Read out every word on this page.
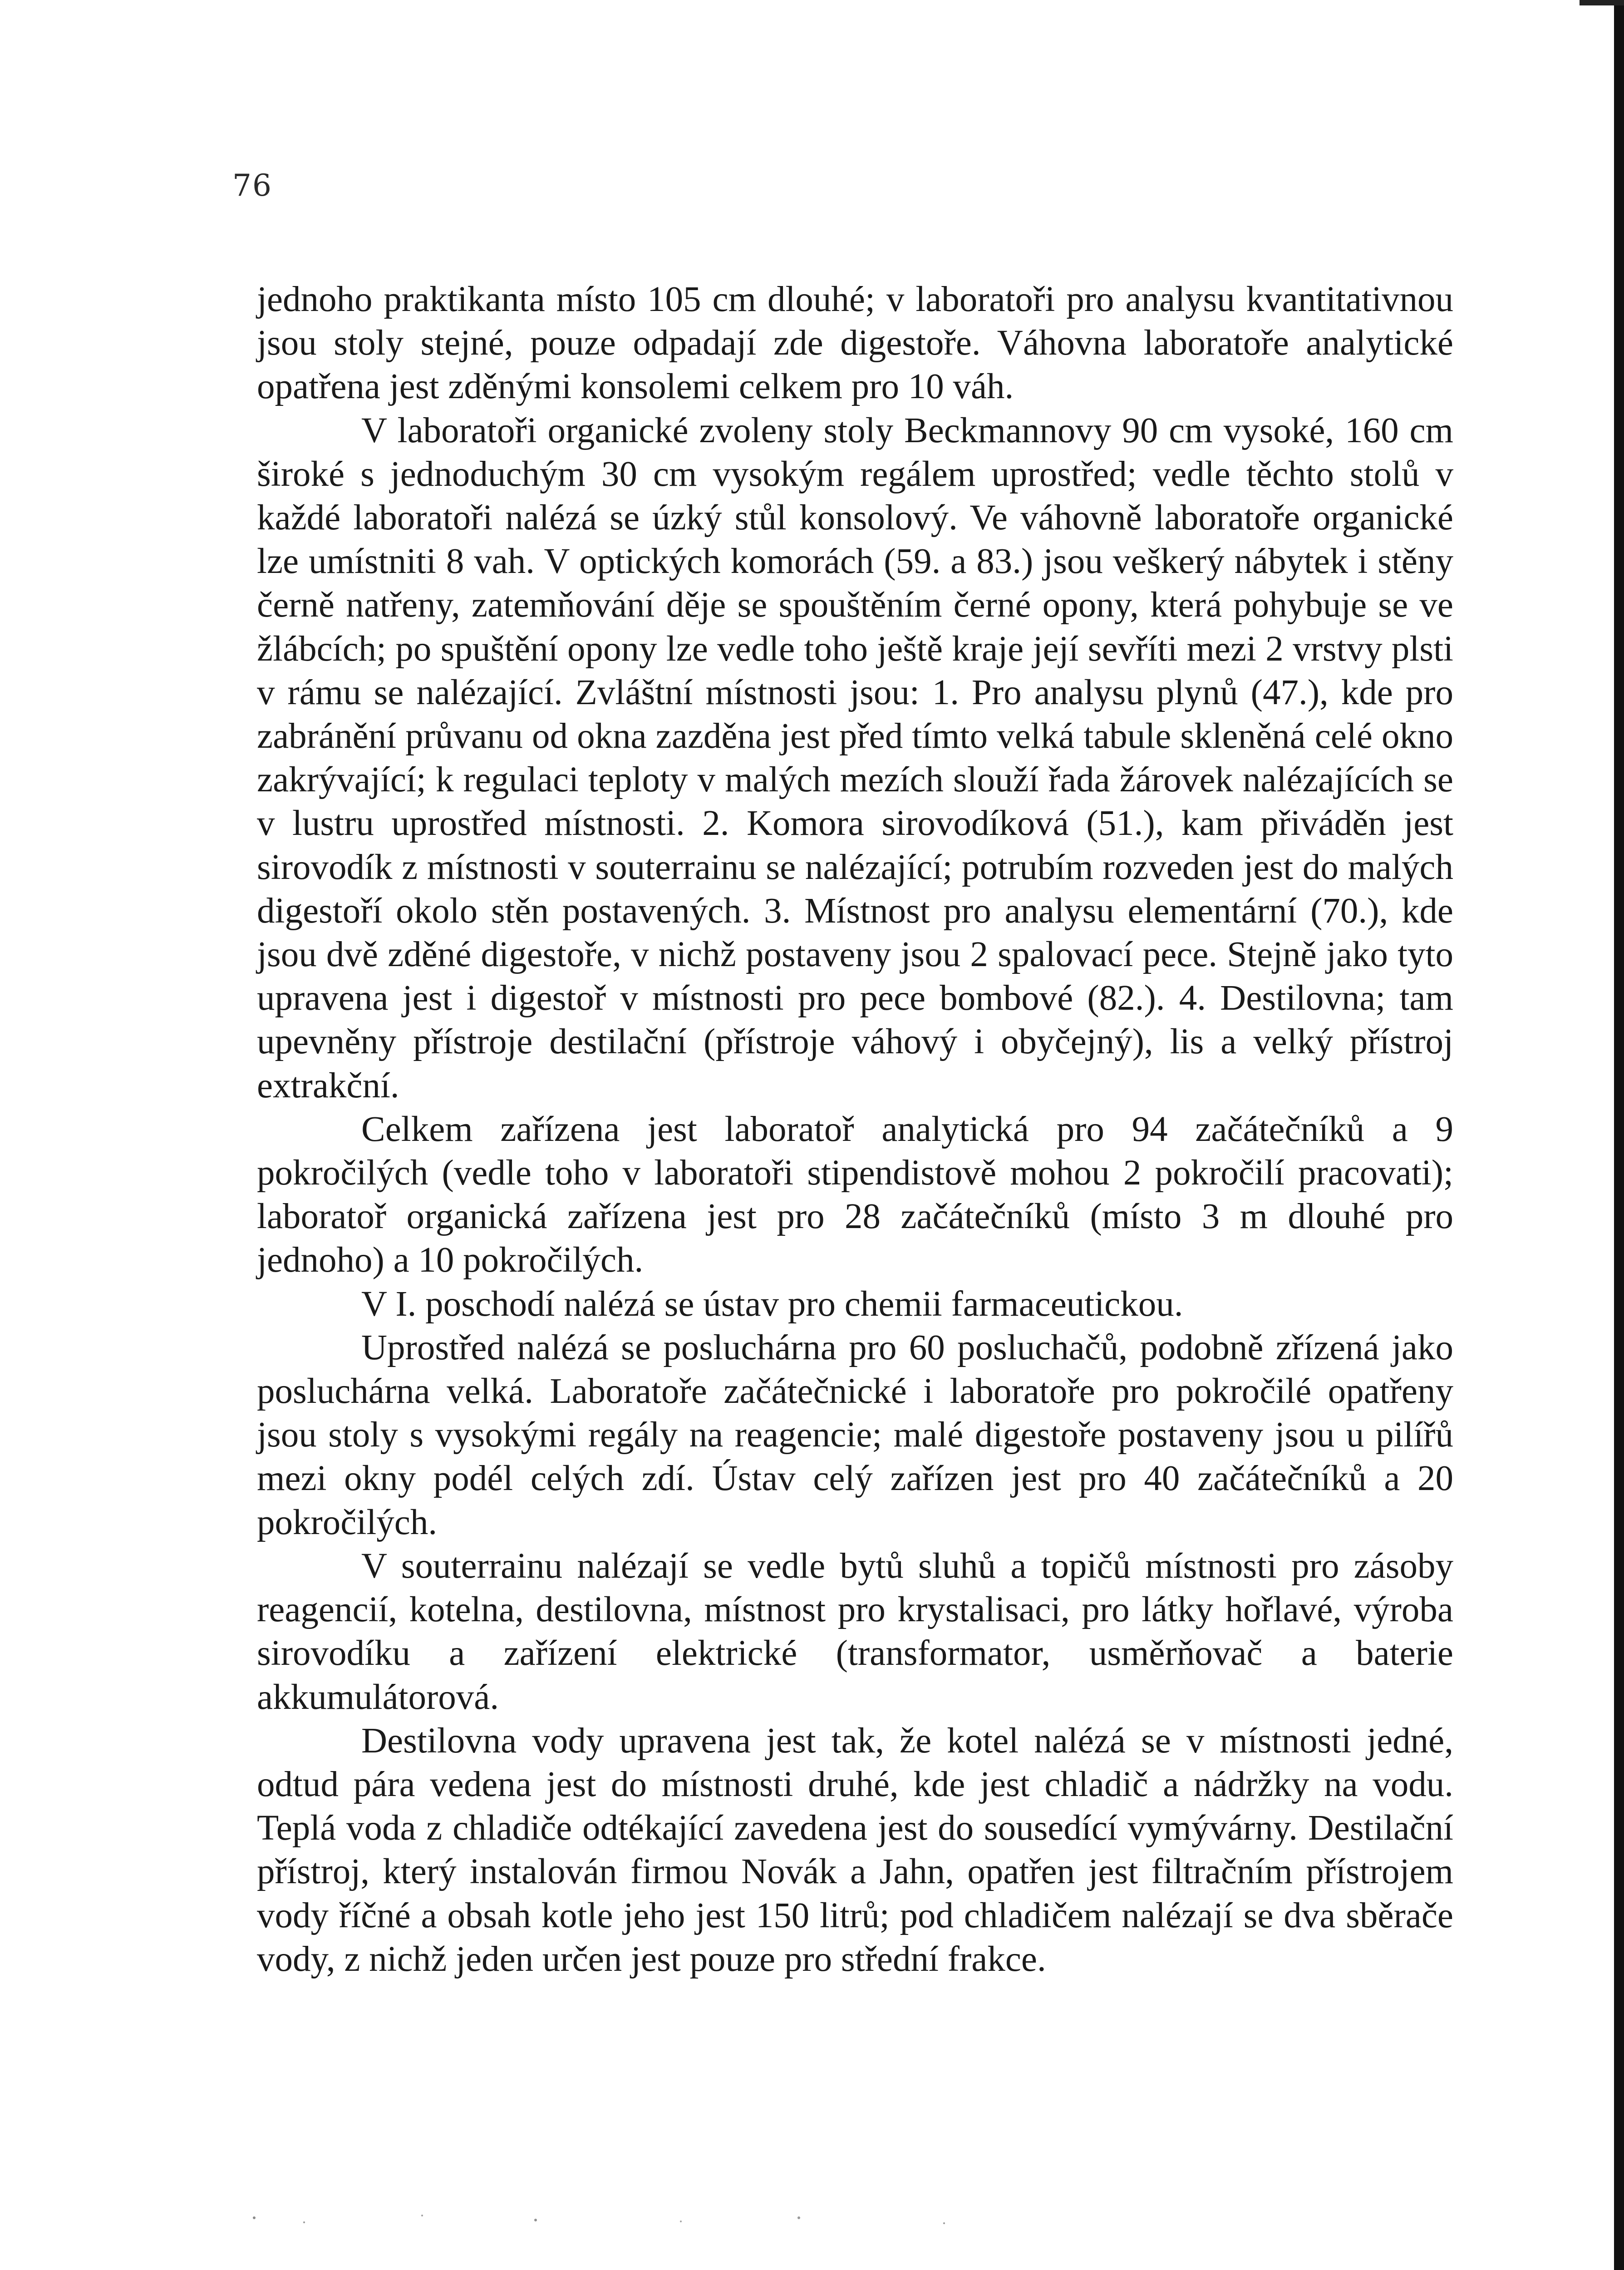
76

jednoho praktikanta místo 105 cm dlouhé; v laboratoři pro analysu kvantitativnou jsou stoly stejné, pouze odpadají zde digestoře. Váhovna laboratoře analytické opatřena jest zděnými konsolemi celkem pro 10 váh.

V laboratoři organické zvoleny stoly Beckmannovy 90 cm vysoké, 160 cm široké s jednoduchým 30 cm vysokým regálem uprostřed; vedle těchto stolů v každé laboratoři nalézá se úzký stůl konsolový. Ve váhovně laboratoře organické lze umístniti 8 vah. V optických komorách (59. a 83.) jsou veškerý nábytek i stěny černě natřeny, zatemňování děje se spouštěním černé opony, která pohybuje se ve žlábcích; po spuštění opony lze vedle toho ještě kraje její sevříti mezi 2 vrstvy plsti v rámu se nalézající. Zvláštní místnosti jsou: 1. Pro analysu plynů (47.), kde pro zabránění průvanu od okna zazděna jest před tímto velká tabule skleněná celé okno zakrývající; k regulaci teploty v malých mezích slouží řada žárovek nalézajících se v lustru uprostřed místnosti. 2. Komora sirovodíková (51.), kam přiváděn jest sirovodík z místnosti v souterrainu se nalézající; potrubím rozveden jest do malých digestoří okolo stěn postavených. 3. Místnost pro analysu elementární (70.), kde jsou dvě zděné digestoře, v nichž postaveny jsou 2 spalovací pece. Stejně jako tyto upravena jest i digestoř v místnosti pro pece bombové (82.). 4. Destilovna; tam upevněny přístroje destilační (přístroje váhový i obyčejný), lis a velký přístroj extrakční.

Celkem zařízena jest laboratoř analytická pro 94 začátečníků a 9 pokročilých (vedle toho v laboratoři stipendistově mohou 2 pokročilí pracovati); laboratoř organická zařízena jest pro 28 začátečníků (místo 3 m dlouhé pro jednoho) a 10 pokročilých.

V I. poschodí nalézá se ústav pro chemii farmaceutickou.

Uprostřed nalézá se posluchárna pro 60 posluchačů, podobně zřízená jako posluchárna velká. Laboratoře začátečnické i laboratoře pro pokročilé opatřeny jsou stoly s vysokými regály na reagencie; malé digestoře postaveny jsou u pilířů mezi okny podél celých zdí. Ústav celý zařízen jest pro 40 začátečníků a 20 pokročilých.

V souterrainu nalézají se vedle bytů sluhů a topičů místnosti pro zásoby reagencií, kotelna, destilovna, místnost pro krystalisaci, pro látky hořlavé, výroba sirovodíku a zařízení elektrické (transformator, usměrňovač a baterie akkumulátorová.

Destilovna vody upravena jest tak, že kotel nalézá se v místnosti jedné, odtud pára vedena jest do místnosti druhé, kde jest chladič a nádržky na vodu. Teplá voda z chladiče odtékající zavedena jest do sousedící vymývárny. Destilační přístroj, který instalován firmou Novák a Jahn, opatřen jest filtračním přístrojem vody říčné a obsah kotle jeho jest 150 litrů; pod chladičem nalézají se dva sběrače vody, z nichž jeden určen jest pouze pro střední frakce.
